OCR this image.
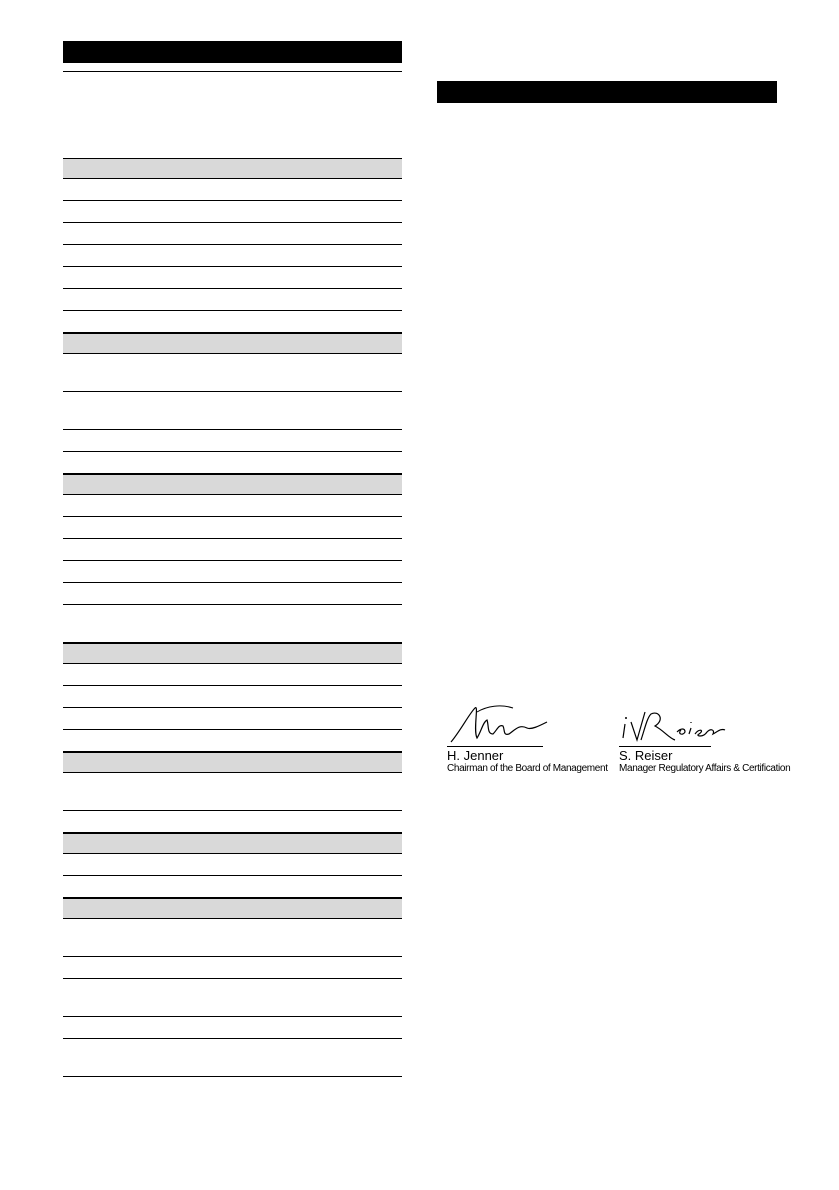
H. Jenner
Chairman of the Board of Management
S. Reiser
Manager Regulatory Affairs & Certification
